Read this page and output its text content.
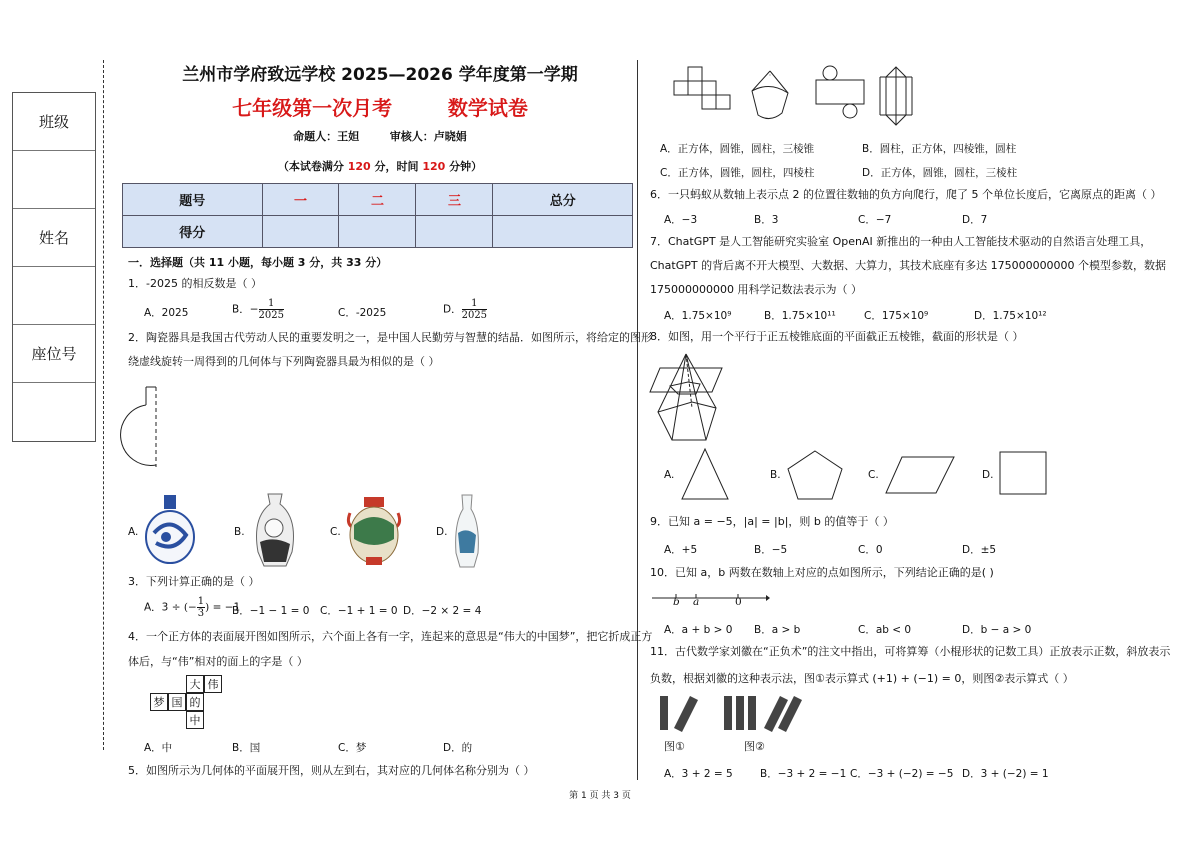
班级
姓名
座位号
兰州市学府致远学校 2025—2026 学年度第一学期
七年级第一次月考        数学试卷
命题人：王妲        审核人：卢晓娟
（本试卷满分 120 分，时间 120 分钟）
题号	一	二	三	总分
得分				
一．选择题（共 11 小题，每小题 3 分，共 33 分）
1．-2025 的相反数是（ ）
A．2025	B．− $\frac{1}{2025}$	C．-2025	D． $\frac{1}{2025}$
2．陶瓷器具是我国古代劳动人民的重要发明之一，是中国人民勤劳与智慧的结晶．如图所示，将给定的图形
绕虚线旋转一周得到的几何体与下列陶瓷器具最为相似的是（ ）
A.	B.	C.	D.
3．下列计算正确的是（ ）
A．3 ÷ (− $\frac{1}{3}$ ) = −1
B．−1 − 1 = 0 C．−1 + 1 = 0 D．−2 × 2 = 4
4．一个正方体的表面展开图如图所示，六个面上各有一字，连起来的意思是“伟大的中国梦”，把它折成正方
体后，与“伟”相对的面上的字是（ ）
大 伟
梦 国 的
中
A．中	B．国	C．梦	D．的
5．如图所示为几何体的平面展开图，则从左到右，其对应的几何体名称分别为（ ）
A．正方体，圆锥，圆柱，三棱锥	B．圆柱，正方体，四棱锥，圆柱
C．正方体，圆锥，圆柱，四棱柱	D．正方体，圆锥，圆柱，三棱柱
6．一只蚂蚁从数轴上表示点 2 的位置往数轴的负方向爬行，爬了 5 个单位长度后，它离原点的距离（ ）
A．−3	B．3	C．−7	D．7
7．ChatGPT 是人工智能研究实验室 OpenAI 新推出的一种由人工智能技术驱动的自然语言处理工具，
ChatGPT 的背后离不开大模型、大数据、大算力，其技术底座有多达 175000000000 个模型参数，数据
175000000000 用科学记数法表示为（ ）
A．1.75×10⁹	B．1.75×10¹¹	C．175×10⁹	D．1.75×10¹²
8．如图，用一个平行于正五棱锥底面的平面截正五棱锥，截面的形状是（ ）
A.	B.	C.	D.
9．已知 a = −5，|a| = |b|，则 b 的值等于（ ）
A．+5	B．−5	C．0	D．±5
10．已知 a，b 两数在数轴上对应的点如图所示，下列结论正确的是( )
b a	0
A．a + b > 0 B．a > b	C．ab < 0	D．b − a > 0
11．古代数学家刘徽在“正负术”的注文中指出，可将算筹（小棍形状的记数工具）正放表示正数，斜放表示
负数，根据刘徽的这种表示法，图①表示算式 (+1) + (−1) = 0，则图②表示算式（ ）
图①	图②
A．3 + 2 = 5	B．−3 + 2 = −1 C．−3 + (−2) = −5 D．3 + (−2) = 1
第 1 页 共 3 页
